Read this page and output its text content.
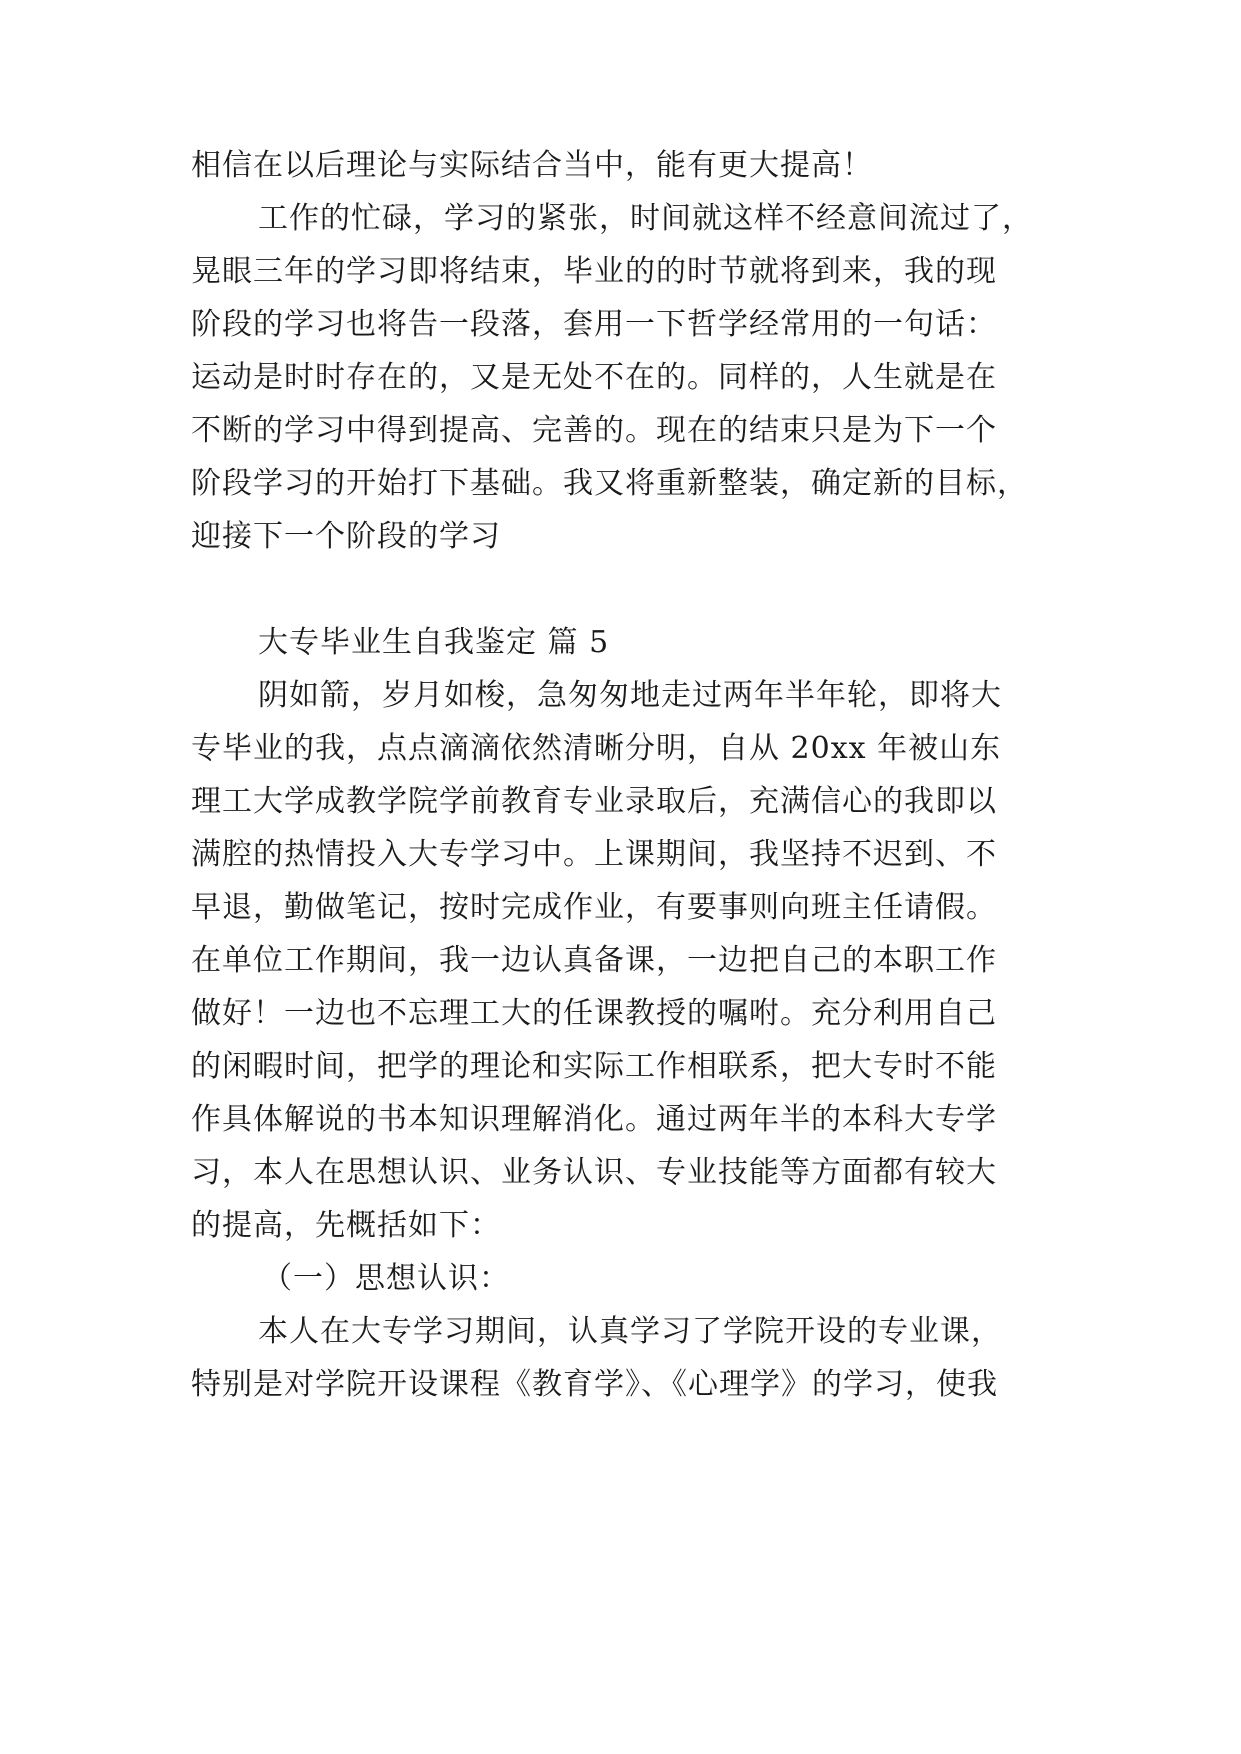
相信在以后理论与实际结合当中，能有更大提高！
工作的忙碌，学习的紧张，时间就这样不经意间流过了，
晃眼三年的学习即将结束，毕业的的时节就将到来，我的现
阶段的学习也将告一段落，套用一下哲学经常用的一句话：
运动是时时存在的，又是无处不在的。同样的，人生就是在
不断的学习中得到提高、完善的。现在的结束只是为下一个
阶段学习的开始打下基础。我又将重新整装，确定新的目标，
迎接下一个阶段的学习
大专毕业生自我鉴定 篇 5
阴如箭，岁月如梭，急匆匆地走过两年半年轮，即将大
专毕业的我，点点滴滴依然清晰分明，自从 20xx 年被山东
理工大学成教学院学前教育专业录取后，充满信心的我即以
满腔的热情投入大专学习中。上课期间，我坚持不迟到、不
早退，勤做笔记，按时完成作业，有要事则向班主任请假。
在单位工作期间，我一边认真备课，一边把自己的本职工作
做好！一边也不忘理工大的任课教授的嘱咐。充分利用自己
的闲暇时间，把学的理论和实际工作相联系，把大专时不能
作具体解说的书本知识理解消化。通过两年半的本科大专学
习，本人在思想认识、业务认识、专业技能等方面都有较大
的提高，先概括如下：
（一）思想认识：
本人在大专学习期间，认真学习了学院开设的专业课，
特别是对学院开设课程《教育学》、《心理学》的学习，使我
